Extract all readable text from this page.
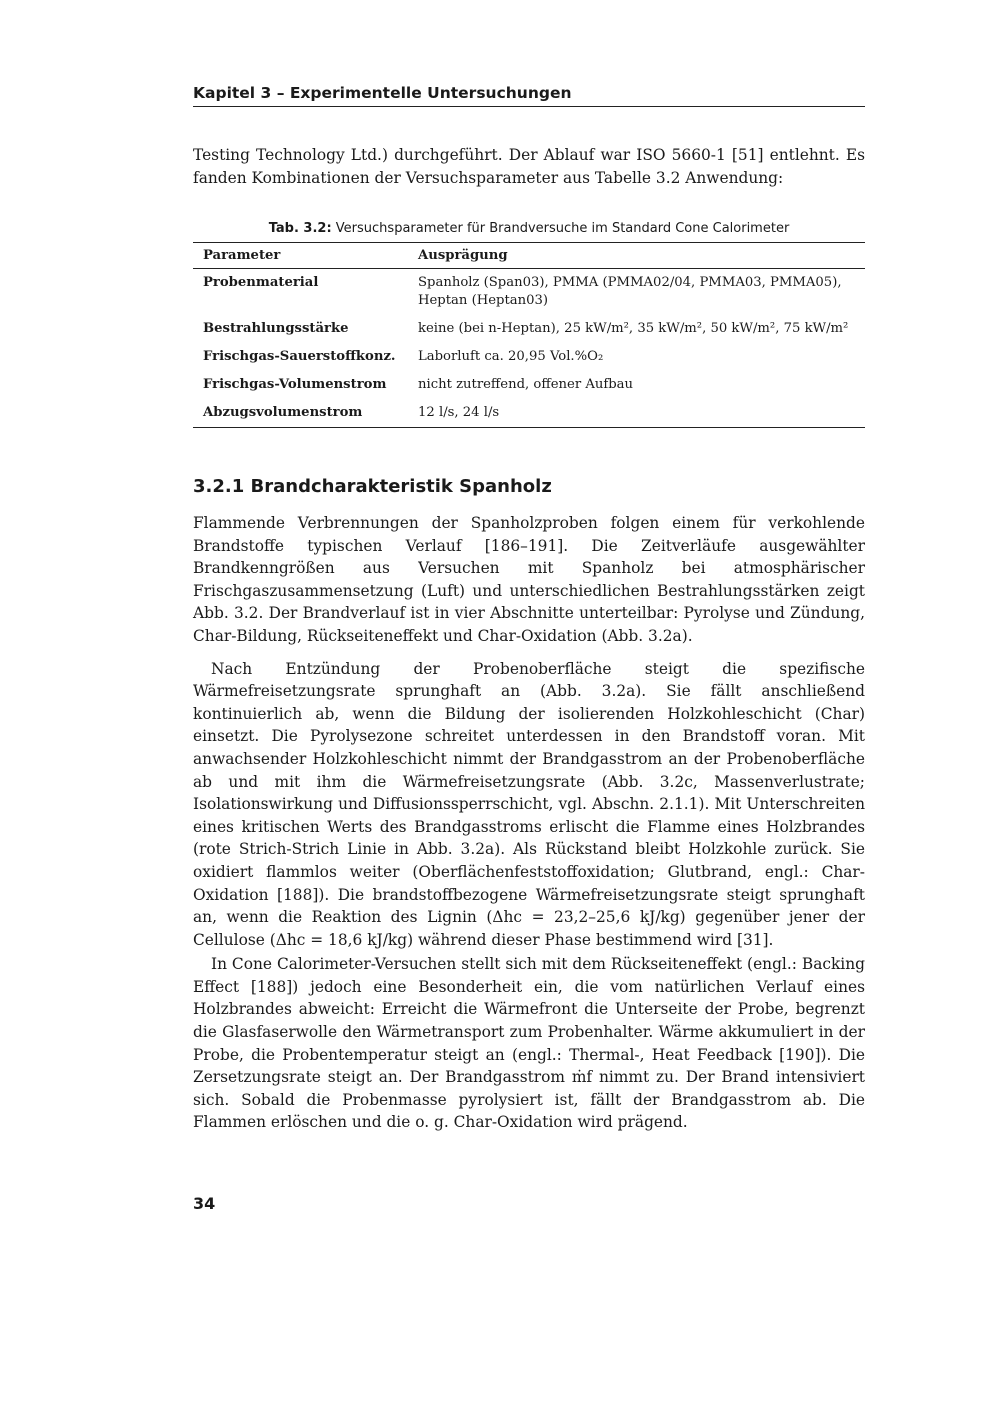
Kapitel 3 – Experimentelle Untersuchungen

Testing Technology Ltd.) durchgeführt. Der Ablauf war ISO 5660-1 [51] entlehnt. Es fanden Kombinationen der Versuchsparameter aus Tabelle 3.2 Anwendung:

Tab. 3.2: Versuchsparameter für Brandversuche im Standard Cone Calorimeter
Parameter	Ausprägung
Probenmaterial	Spanholz (Span03), PMMA (PMMA02/04, PMMA03, PMMA05), Heptan (Heptan03)
Bestrahlungsstärke	keine (bei n-Heptan), 25 kW/m², 35 kW/m², 50 kW/m², 75 kW/m²
Frischgas-Sauerstoffkonz.	Laborluft ca. 20,95 Vol.%O₂
Frischgas-Volumenstrom	nicht zutreffend, offener Aufbau
Abzugsvolumenstrom	12 l/s, 24 l/s
3.2.1 Brandcharakteristik Spanholz

Flammende Verbrennungen der Spanholzproben folgen einem für verkohlende Brandstoffe typischen Verlauf [186–191]. Die Zeitverläufe ausgewählter Brandkenngrößen aus Versuchen mit Spanholz bei atmosphärischer Frischgaszusammensetzung (Luft) und unterschiedlichen Bestrahlungsstärken zeigt Abb. 3.2. Der Brandverlauf ist in vier Abschnitte unterteilbar: Pyrolyse und Zündung, Char-Bildung, Rückseiteneffekt und Char-Oxidation (Abb. 3.2a).

Nach Entzündung der Probenoberfläche steigt die spezifische Wärmefreisetzungsrate sprunghaft an (Abb. 3.2a). Sie fällt anschließend kontinuierlich ab, wenn die Bildung der isolierenden Holzkohleschicht (Char) einsetzt. Die Pyrolysezone schreitet unterdessen in den Brandstoff voran. Mit anwachsender Holzkohleschicht nimmt der Brandgasstrom an der Probenoberfläche ab und mit ihm die Wärmefreisetzungsrate (Abb. 3.2c, Massenverlustrate; Isolationswirkung und Diffusionssperrschicht, vgl. Abschn. 2.1.1). Mit Unterschreiten eines kritischen Werts des Brandgasstroms erlischt die Flamme eines Holzbrandes (rote Strich-Strich Linie in Abb. 3.2a). Als Rückstand bleibt Holzkohle zurück. Sie oxidiert flammlos weiter (Oberflächenfeststoffoxidation; Glutbrand, engl.: Char-Oxidation [188]). Die brandstoffbezogene Wärmefreisetzungsrate steigt sprunghaft an, wenn die Reaktion des Lignin (Δhc = 23,2–25,6 kJ/kg) gegenüber jener der Cellulose (Δhc = 18,6 kJ/kg) während dieser Phase bestimmend wird [31].

In Cone Calorimeter-Versuchen stellt sich mit dem Rückseiteneffekt (engl.: Backing Effect [188]) jedoch eine Besonderheit ein, die vom natürlichen Verlauf eines Holzbrandes abweicht: Erreicht die Wärmefront die Unterseite der Probe, begrenzt die Glasfaserwolle den Wärmetransport zum Probenhalter. Wärme akkumuliert in der Probe, die Probentemperatur steigt an (engl.: Thermal-, Heat Feedback [190]). Die Zersetzungsrate steigt an. Der Brandgasstrom ṁf nimmt zu. Der Brand intensiviert sich. Sobald die Probenmasse pyrolysiert ist, fällt der Brandgasstrom ab. Die Flammen erlöschen und die o. g. Char-Oxidation wird prägend.

34
